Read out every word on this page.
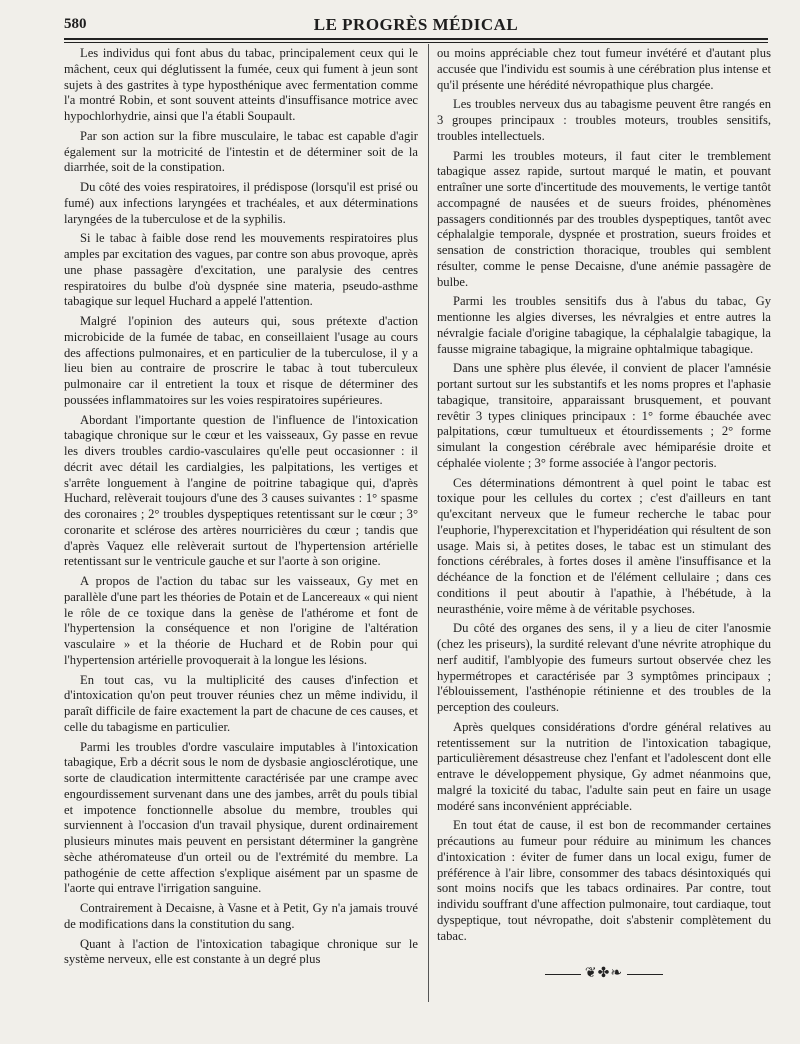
580	LE PROGRÈS MÉDICAL

Les individus qui font abus du tabac, principalement ceux qui le mâchent, ceux qui déglutissent la fumée, ceux qui fument à jeun sont sujets à des gastrites à type hyposthénique avec fermentation comme l'a montré Robin, et sont souvent atteints d'insuffisance motrice avec hypochlorhydrie, ainsi que l'a établi Soupault.

Par son action sur la fibre musculaire, le tabac est capable d'agir également sur la motricité de l'intestin et de déterminer soit de la diarrhée, soit de la constipation.

Du côté des voies respiratoires, il prédispose (lorsqu'il est prisé ou fumé) aux infections laryngées et trachéales, et aux déterminations laryngées de la tuberculose et de la syphilis.

Si le tabac à faible dose rend les mouvements respiratoires plus amples par excitation des vagues, par contre son abus provoque, après une phase passagère d'excitation, une paralysie des centres respiratoires du bulbe d'où dyspnée sine materia, pseudo-asthme tabagique sur lequel Huchard a appelé l'attention.

Malgré l'opinion des auteurs qui, sous prétexte d'action microbicide de la fumée de tabac, en conseillaient l'usage au cours des affections pulmonaires, et en particulier de la tuberculose, il y a lieu bien au contraire de proscrire le tabac à tout tuberculeux pulmonaire car il entretient la toux et risque de déterminer des poussées inflammatoires sur les voies respiratoires supérieures.

Abordant l'importante question de l'influence de l'intoxication tabagique chronique sur le cœur et les vaisseaux, Gy passe en revue les divers troubles cardio-vasculaires qu'elle peut occasionner : il décrit avec détail les cardialgies, les palpitations, les vertiges et s'arrête longuement à l'angine de poitrine tabagique qui, d'après Huchard, relèverait toujours d'une des 3 causes suivantes : 1° spasme des coronaires ; 2° troubles dyspeptiques retentissant sur le cœur ; 3° coronarite et sclérose des artères nourricières du cœur ; tandis que d'après Vaquez elle relèverait surtout de l'hypertension artérielle retentissant sur le ventricule gauche et sur l'aorte à son origine.

A propos de l'action du tabac sur les vaisseaux, Gy met en parallèle d'une part les théories de Potain et de Lancereaux « qui nient le rôle de ce toxique dans la genèse de l'athérome et font de l'hypertension la conséquence et non l'origine de l'altération vasculaire » et la théorie de Huchard et de Robin pour qui l'hypertension artérielle provoquerait à la longue les lésions.

En tout cas, vu la multiplicité des causes d'infection et d'intoxication qu'on peut trouver réunies chez un même individu, il paraît difficile de faire exactement la part de chacune de ces causes, et celle du tabagisme en particulier.

Parmi les troubles d'ordre vasculaire imputables à l'intoxication tabagique, Erb a décrit sous le nom de dysbasie angiosclérotique, une sorte de claudication intermittente caractérisée par une crampe avec engourdissement survenant dans une des jambes, arrêt du pouls tibial et impotence fonctionnelle absolue du membre, troubles qui surviennent à l'occasion d'un travail physique, durent ordinairement plusieurs minutes mais peuvent en persistant déterminer la gangrène sèche athéromateuse d'un orteil ou de l'extrémité du membre. La pathogénie de cette affection s'explique aisément par un spasme de l'aorte qui entrave l'irrigation sanguine.

Contrairement à Decaisne, à Vasne et à Petit, Gy n'a jamais trouvé de modifications dans la constitution du sang.

Quant à l'action de l'intoxication tabagique chronique sur le système nerveux, elle est constante à un degré plus

ou moins appréciable chez tout fumeur invétéré et d'autant plus accusée que l'individu est soumis à une cérébration plus intense et qu'il présente une hérédité névropathique plus chargée.

Les troubles nerveux dus au tabagisme peuvent être rangés en 3 groupes principaux : troubles moteurs, troubles sensitifs, troubles intellectuels.

Parmi les troubles moteurs, il faut citer le tremblement tabagique assez rapide, surtout marqué le matin, et pouvant entraîner une sorte d'incertitude des mouvements, le vertige tantôt accompagné de nausées et de sueurs froides, phénomènes passagers conditionnés par des troubles dyspeptiques, tantôt avec céphalalgie temporale, dyspnée et prostration, sueurs froides et sensation de constriction thoracique, troubles qui semblent résulter, comme le pense Decaisne, d'une anémie passagère de bulbe.

Parmi les troubles sensitifs dus à l'abus du tabac, Gy mentionne les algies diverses, les névralgies et entre autres la névralgie faciale d'origine tabagique, la céphalalgie tabagique, la fausse migraine tabagique, la migraine ophtalmique tabagique.

Dans une sphère plus élevée, il convient de placer l'amnésie portant surtout sur les substantifs et les noms propres et l'aphasie tabagique, transitoire, apparaissant brusquement, et pouvant revêtir 3 types cliniques principaux : 1° forme ébauchée avec palpitations, cœur tumultueux et étourdissements ; 2° forme simulant la congestion cérébrale avec hémiparésie droite et céphalée violente ; 3° forme associée à l'angor pectoris.

Ces déterminations démontrent à quel point le tabac est toxique pour les cellules du cortex ; c'est d'ailleurs en tant qu'excitant nerveux que le fumeur recherche le tabac pour l'euphorie, l'hyperexcitation et l'hyperidéation qui résultent de son usage. Mais si, à petites doses, le tabac est un stimulant des fonctions cérébrales, à fortes doses il amène l'insuffisance et la déchéance de la fonction et de l'élément cellulaire ; dans ces conditions il peut aboutir à l'apathie, à l'hébétude, à la neurasthénie, voire même à de véritable psychoses.

Du côté des organes des sens, il y a lieu de citer l'anosmie (chez les priseurs), la surdité relevant d'une névrite atrophique du nerf auditif, l'amblyopie des fumeurs surtout observée chez les hypermétropes et caractérisée par 3 symptômes principaux ; l'éblouissement, l'asthénopie rétinienne et des troubles de la perception des couleurs.

Après quelques considérations d'ordre général relatives au retentissement sur la nutrition de l'intoxication tabagique, particulièrement désastreuse chez l'enfant et l'adolescent dont elle entrave le développement physique, Gy admet néanmoins que, malgré la toxicité du tabac, l'adulte sain peut en faire un usage modéré sans inconvénient appréciable.

En tout état de cause, il est bon de recommander certaines précautions au fumeur pour réduire au minimum les chances d'intoxication : éviter de fumer dans un local exigu, fumer de préférence à l'air libre, consommer des tabacs désintoxiqués qui sont moins nocifs que les tabacs ordinaires. Par contre, tout individu souffrant d'une affection pulmonaire, tout cardiaque, tout dyspeptique, tout névropathe, doit s'abstenir complètement du tabac.

❦✤❧
